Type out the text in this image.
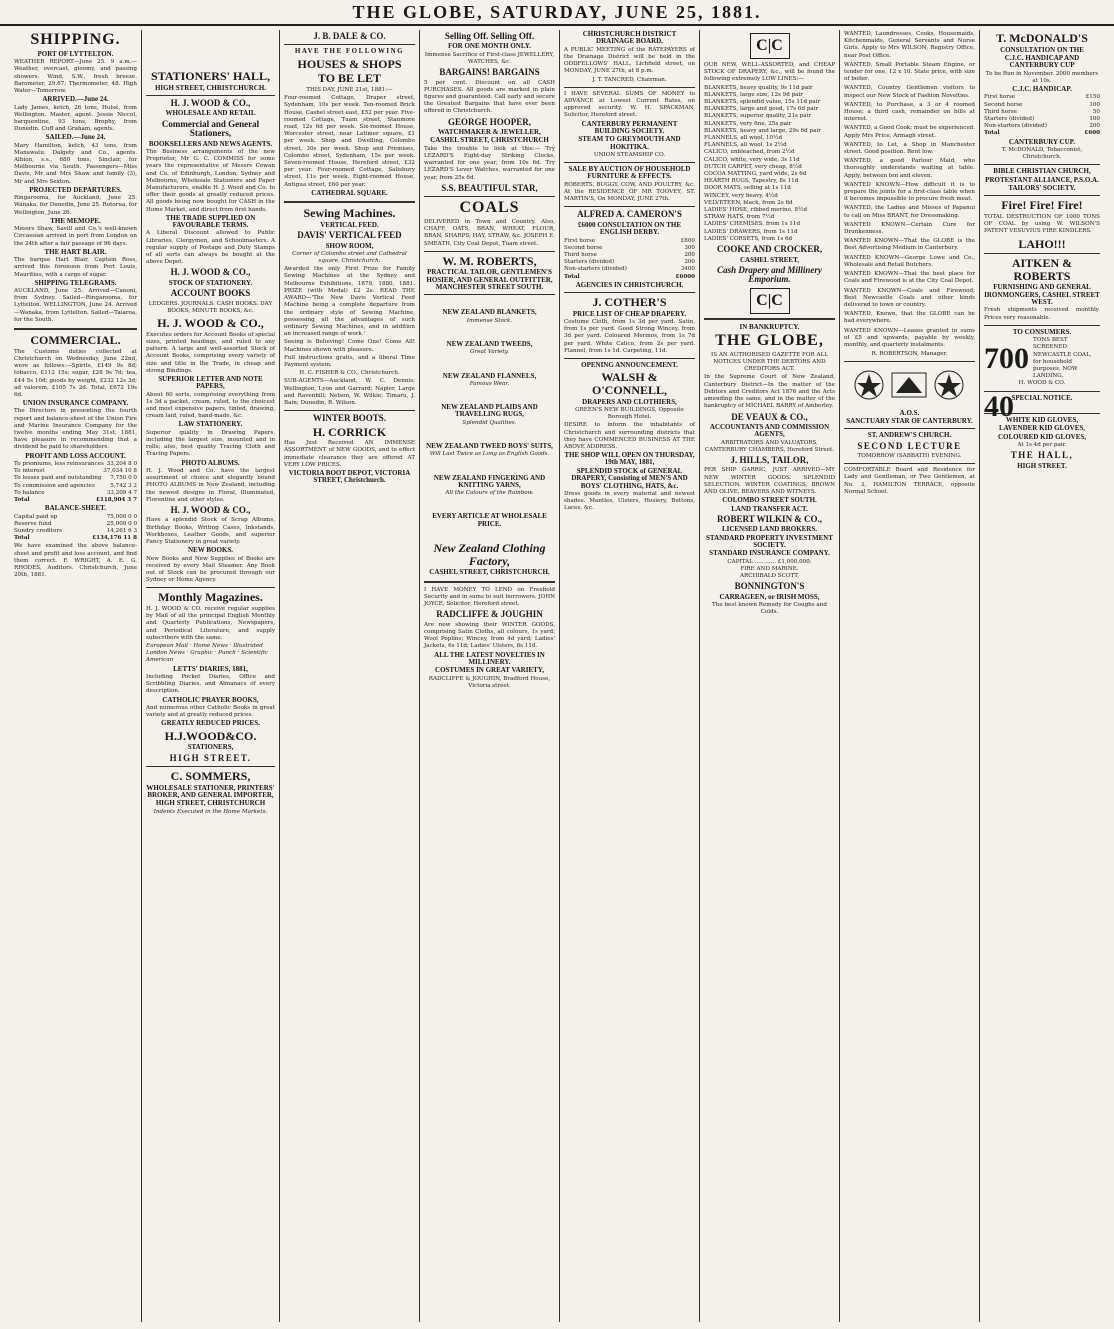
THE GLOBE, SATURDAY, JUNE 25, 1881.
SHIPPING.
PORT OF LYTTELTON.
WEATHER REPORT—June 25. 9 a.m.—Weather, overcast, gloomy, and passing showers. Wind, S.W., fresh breeze. Barometer, 29.67; Thermometer, 48. High Water—Tomorrow.
ARRIVED.—June 24.
Lady James, ketch, 26 tons, Hulsé, from Wellington. Master, agent. Jessie Niccol, barquentine, 93 tons, Brophy, from Dunedin. Cuff and Graham, agents.
SAILED.—June 24.
Mary Hamilton, ketch, 43 tons, from Manawatu. Dalgety and Co., agents. Albion, s.s., 680 tons, Sinclair, for Melbourne via South. Passengers—Miss Davis, Mr and Mrs Shaw and family (3), Mr and Mrs Sexton.
PROJECTED DEPARTURES.
Ringarooma, for Auckland, June 25. Wanaka, for Dunedin, June 25. Rotorua, for Wellington, June 26.
THE MEMOPE.
Messrs Shaw, Savill and Co.'s well-known Circassian arrived in port from London on the 24th after a fair passage of 96 days.
THE HART BLAIR.
The barque Hart Blair, Captain Ross, arrived this forenoon from Port Louis, Mauritius, with a cargo of sugar.
SHIPPING TELEGRAMS.
AUCKLAND, June 25. Arrived—Canoni, from Sydney. Sailed—Ringarooma, for Lyttelton. WELLINGTON, June 24. Arrived—Wanaka, from Lyttelton. Sailed—Taiaroa, for the South.
COMMERCIAL.
The Customs duties collected at Christchurch on Wednesday, June 22nd, were as follows:—Spirits, £149 9s 8d; tobacco, £112 15s; sugar, £28 9s 7d; tea, £44 5s 10d; goods by weight, £232 12s 3d; ad valorem, £105 7s 2d. Total, £672 19s 6d.
UNION INSURANCE COMPANY.
The Directors in presenting the fourth report and balance-sheet of the Union Fire and Marine Insurance Company for the twelve months ending May 31st, 1881, have pleasure in recommending that a dividend be paid to shareholders.
PROFIT AND LOSS ACCOUNT.
To premiums, less reinsurances 33,204 8 0
To interest	37,034 10 8
To losses paid and outstanding 7,750 0 0
To commission and agencies	5,742 3 2
To balance	33,209 4 7
Total	£118,904 3 7
BALANCE-SHEET.
Capital paid up	75,000 0 0
Reserve fund	25,000 0 0
Sundry creditors	14,261 6 3
Total	£134,176 11 8
We have examined the above balance-sheet and profit and loss account, and find them correct. F. WRIGHT, A. E. G. RHODES, Auditors. Christchurch, June 20th, 1881.
STATIONERS' HALL,
HIGH STREET, CHRISTCHURCH.
H. J. WOOD & CO.,
WHOLESALE AND RETAIL
Commercial and General Stationers,
BOOKSELLERS AND NEWS AGENTS.
The Business arrangements of the new Proprietor, Mr G. C. COMMISS for some years the representative of Messrs Cowan and Co. of Edinburgh, London, Sydney and Melbourne, Wholesale Stationers and Paper Manufacturers, enable H. J. Wood and Co. to offer their goods at greatly reduced prices. All goods being now bought for CASH in the Home Market, and direct from first hands.
THE TRADE SUPPLIED ON FAVOURABLE TERMS.
A Liberal Discount allowed to Public Libraries, Clergymen, and Schoolmasters. A regular supply of Postage and Duty Stamps of all sorts can always be bought at the above Depot.
H. J. WOOD & CO.,
STOCK OF STATIONERY.
ACCOUNT BOOKS
LEDGERS. JOURNALS. CASH BOOKS. DAY BOOKS, MINUTE BOOKS, &c.
H. J. WOOD & CO.,
Executes orders for Account Books of special sizes, printed headings, and ruled to any pattern. A large and well-assorted Stock of Account Books, comprising every variety of size and title in the Trade, in cheap and strong Bindings.
SUPERIOR LETTER AND NOTE PAPERS,
About 60 sorts, comprising everything from 1s 3d a packet, cream, ruled, to the choicest and most expensive papers, tinted, drawing, cream laid, ruled, hand-made, &c.
LAW STATIONERY.
Superior quality in Drawing Papers, including the largest size, mounted and in rolls; also, best quality Tracing Cloth and Tracing Papers.
PHOTO ALBUMS.
H. J. Wood and Co. have the largest assortment of choice and elegantly bound PHOTO ALBUMS in New Zealand, including the newest designs in Floral, Illuminated, Florentine and other styles.
H. J. WOOD & CO.,
Have a splendid Stock of Scrap Albums, Birthday Books, Writing Cases, Inkstands, Workboxes, Leather Goods, and superior Fancy Stationery in great variety.
NEW BOOKS.
New Books and New Supplies of Books are received by every Mail Steamer. Any Book out of Stock can be procured through our Sydney or Home Agency.
Monthly Magazines.
H. J. WOOD & CO. receive regular supplies by Mail of all the principal English Monthly and Quarterly Publications, Newspapers, and Periodical Literature, and supply subscribers with the same.
European Mail · Home News · Illustrated London News · Graphic · Punch · Scientific American
LETTS' DIARIES, 1881,
Including Pocket Diaries, Office and Scribbling Diaries, and Almanacs of every description.
CATHOLIC PRAYER BOOKS,
And numerous other Catholic Books in great variety and at greatly reduced prices.
GREATLY REDUCED PRICES.
H.J.WOOD&CO.
STATIONERS,
HIGH STREET.
C. SOMMERS,
WHOLESALE STATIONER, PRINTERS' BROKER, AND GENERAL IMPORTER,
HIGH STREET, CHRISTCHURCH
Indents Executed in the Home Markets.
J. B. DALE & CO.
HAVE THE FOLLOWING
HOUSES & SHOPS
TO BE LET
THIS DAY, JUNE 21st, 1881:—
Four-roomed Cottage, Draper street, Sydenham, 10s per week. Ten-roomed Brick House, Cashel street east, £52 per year. Five-roomed Cottage, Tuam street, Stanmore road, 12s 6d per week. Six-roomed House, Worcester street, near Latimer square, £1 per week. Shop and Dwelling, Colombo street, 30s per week. Shop and Premises, Colombo street, Sydenham, 15s per week. Seven-roomed House, Hereford street, £32 per year. Four-roomed Cottage, Salisbury street, 11s per week. Eight-roomed House, Antigua street, £60 per year.
CATHEDRAL SQUARE.
Sewing Machines.
VERTICAL FEED.
DAVIS' VERTICAL FEED
SHOW ROOM,
Corner of Colombo street and Cathedral square, Christchurch.
Awarded the only First Prize for Family Sewing Machines at the Sydney and Melbourne Exhibitions, 1879, 1880, 1881. PRIZE (with Medal) £2 2s. READ THE AWARD—'The New Davis Vertical Feed Machine being a complete departure from the ordinary style of Sewing Machine, possessing all the advantages of such ordinary Sewing Machines, and in addition an increased range of work.'
Seeing is Believing! Come One! Come All! Machines shown with pleasure.
Full instructions gratis, and a liberal Time Payment system.
H. C. FISHER & CO., Christchurch.
SUB-AGENTS—Auckland, W. C. Dennis; Wellington, Lyon and Garrard; Napier, Large and Ravenhill; Nelson, W. Wilkie; Timaru, J. Bain; Dunedin, R. Wilson.
WINTER BOOTS.
H. CORRICK
Has Just Received AN IMMENSE ASSORTMENT of NEW GOODS, and to effect immediate clearance they are offered AT VERY LOW PRICES.
VICTORIA BOOT DEPOT, VICTORIA STREET, Christchurch.
Selling Off. Selling Off.
FOR ONE MONTH ONLY.
Immense Sacrifice of First-class JEWELLERY, WATCHES, &c.
BARGAINS! BARGAINS
5 per cent. Discount on all CASH PURCHASES. All goods are marked in plain figures and guaranteed. Call early and secure the Greatest Bargains that have ever been offered in Christchurch.
GEORGE HOOPER,
WATCHMAKER & JEWELLER,
CASHEL STREET, CHRISTCHURCH
Take the trouble to look at this:— Try LEZARD'S Eight-day Striking Clocks, warranted for one year, from 10s 6d. Try LEZARD'S Lever Watches, warranted for one year, from 25s 6d.
S.S. BEAUTIFUL STAR,
COALS
DELIVERED in Town and Country. Also, CHAFF, OATS, BRAN, WHEAT, FLOUR, BRAN, SHARPS, HAY, STRAW, &c. JOSEPH E. SMEATH, City Coal Depot, Tuam street.
W. M. ROBERTS,
PRACTICAL TAILOR, GENTLEMEN'S HOSIER, AND GENERAL OUTFITTER, MANCHESTER STREET SOUTH.
NEW ZEALAND BLANKETS,
Immense Stock.
NEW ZEALAND TWEEDS,
Great Variety.
NEW ZEALAND FLANNELS,
Famous Wear.
NEW ZEALAND PLAIDS AND TRAVELLING RUGS,
Splendid Qualities.
NEW ZEALAND TWEED BOYS' SUITS,
Will Last Twice as Long as English Goods.
NEW ZEALAND FINGERING AND KNITTING YARNS,
All the Colours of the Rainbow.
EVERY ARTICLE AT WHOLESALE PRICE.
New Zealand Clothing Factory,
CASHEL STREET, CHRISTCHURCH.
I HAVE MONEY TO LEND on Freehold Security and in sums to suit borrowers. JOHN JOYCE, Solicitor, Hereford street.
RADCLIFFE & JOUGHIN
Are now showing their WINTER GOODS, comprising Satin Cloths, all colours, 1s yard; Wool Poplins; Wincey, from 4d yard; Ladies' Jackets, 6s 11d; Ladies' Ulsters, 8s 11d.
ALL THE LATEST NOVELTIES IN MILLINERY.
COSTUMES IN GREAT VARIETY,
RADCLIFFE & JOUGHIN, Bradford House, Victoria street.
CHRISTCHURCH DISTRICT DRAINAGE BOARD.
A PUBLIC MEETING of the RATEPAYERS of the Drainage District will be held in the ODDFELLOWS' HALL, Lichfield street, on MONDAY, JUNE 27th, at 8 p.m.
J. T. TANCRED, Chairman.
I HAVE SEVERAL SUMS OF MONEY to ADVANCE at Lowest Current Rates, on approved security. W. H. SPACKMAN, Solicitor, Hereford street.
CANTERBURY PERMANENT BUILDING SOCIETY.
STEAM TO GREYMOUTH AND HOKITIKA.
UNION STEAMSHIP CO.
SALE BY AUCTION OF HOUSEHOLD FURNITURE & EFFECTS.
ROBERTS, BUGGY, COW, AND POULTRY, &c. At the RESIDENCE OF MR TOOVEY, ST. MARTIN'S, On MONDAY, JUNE 27th.
ALFRED A. CAMERON'S
£6000 CONSULTATION ON THE ENGLISH DERBY.
First horse	£800
Second horse	300
Third horse	200
Starters (divided)	200
Non-starters (divided)	3400
Total	£6000
AGENCIES IN CHRISTCHURCH.
J. COTHER'S
PRICE LIST OF CHEAP DRAPERY.
Costume Cloth, from 1s 3d per yard. Satin, from 1s per yard. Good Strong Wincey, from 3d per yard. Coloured Merinos, from 1s 7d per yard. White Calico, from 2s per yard. Flannel, from 1s 1d. Carpeting, 11d.
OPENING ANNOUNCEMENT.
WALSH & O'CONNELL,
DRAPERS AND CLOTHIERS,
GREEN'S NEW BUILDINGS, Opposite Borough Hotel.
DESIRE to inform the inhabitants of Christchurch and surrounding districts that they have COMMENCED BUSINESS AT THE ABOVE ADDRESS.
THE SHOP WILL OPEN ON THURSDAY, 19th MAY, 1881,
SPLENDID STOCK of GENERAL DRAPERY, Consisting of MEN'S AND BOYS' CLOTHING, HATS, &c.
Dress goods in every material and newest shades. Mantles, Ulsters, Hosiery, Buttons, Laces, &c.
C|C
OUR NEW, WELL-ASSORTED, and CHEAP STOCK OF DRAPERY, &c., will be found the following extremely LOW LINES:—
BLANKETS, heavy quality, 9s 11d pair
BLANKETS, large size, 12s 9d pair
BLANKETS, splendid value, 15s 11d pair
BLANKETS, large and good, 17s 6d pair
BLANKETS, superior quality, 21s pair
BLANKETS, very fine, 25s pair
BLANKETS, heavy and large, 29s 6d pair
FLANNELS, all wool, 10½d
FLANNELS, all wool, 1s 2½d
CALICO, unbleached, from 2½d
CALICO, white, very wide, 3s 11d
DUTCH CARPET, very cheap, 8½d
COCOA MATTING, yard wide, 2s 6d
HEARTH RUGS, Tapestry, 8s 11d
DOOR MATS, selling at 1s 11d
WINCEY, very heavy, 4½d
VELVETEEN, black, from 2s 6d
LADIES' HOSE, ribbed merino, 8½d
STRAW HATS, from 7½d
LADIES' CHEMISES, from 1s 11d
LADIES' DRAWERS, from 1s 11d
LADIES' CORSETS, from 1s 6d
COOKE AND CROCKER,
CASHEL STREET,
Cash Drapery and Millinery Emporium.
C|C
IN BANKRUPTCY.
THE GLOBE,
IS AN AUTHORISED GAZETTE FOR ALL NOTICES UNDER THE DEBTORS AND CREDITORS ACT.
In the Supreme Court of New Zealand, Canterbury District—In the matter of the Debtors and Creditors Act 1876 and the Acts amending the same, and in the matter of the bankruptcy of MICHAEL BARRY of Amberley.
DE VEAUX & CO.,
ACCOUNTANTS AND COMMISSION AGENTS,
ARBITRATORS AND VALUATORS, CANTERBURY CHAMBERS, Hereford Street.
J. HILLS, TAILOR,
PER SHIP GARRIC, JUST ARRIVED—MY NEW WINTER GOODS. SPLENDID SELECTION. WINTER COATINGS, BROWN AND OLIVE, BEAVERS AND WITNEYS.
COLOMBO STREET SOUTH.
LAND TRANSFER ACT.
ROBERT WILKIN & CO.,
LICENSED LAND BROKERS.
STANDARD PROPERTY INVESTMENT SOCIETY.
STANDARD INSURANCE COMPANY.
CAPITAL ............ £1,000,000.
FIRE AND MARINE.
ARCHIBALD SCOTT,
BONNINGTON'S
CARRAGEEN, or IRISH MOSS,
The best known Remedy for Coughs and Colds.
WANTED, Laundresses, Cooks, Housemaids, Kitchenmaids, General Servants and Nurse Girls. Apply to Mrs WILSON, Registry Office, near Post Office.
WANTED, Small Portable Steam Engine, or tender for one, 12 x 10. State price, with size of boiler.
WANTED, Country Gentlemen visitors to inspect our New Stock of Fashion Novelties.
WANTED, to Purchase, a 3 or 4 roomed House; a third cash, remainder on bills at interest.
WANTED, a Good Cook; must be experienced. Apply Mrs Price, Armagh street.
WANTED, to Let, a Shop in Manchester street. Good position. Rent low.
WANTED, a good Parlour Maid, who thoroughly understands waiting at table. Apply, between ten and eleven.
WANTED KNOWN—How difficult it is to prepare the joints for a first-class table when it becomes impossible to procure fresh meat.
WANTED, the Ladies and Misses of Papanui to call on Miss BRANT, for Dressmaking.
WANTED KNOWN—Certain Cure for Drunkenness.
WANTED KNOWN—That the GLOBE is the Best Advertising Medium in Canterbury.
WANTED KNOWN—George Lowe and Co., Wholesale and Retail Butchers.
WANTED KNOWN—That the best place for Coals and Firewood is at the City Coal Depot.
WANTED KNOWN—Coals and Firewood; Best Newcastle Coals and other kinds delivered to town or country.
WANTED, Known, that the GLOBE can be had everywhere.
WANTED KNOWN—Leases granted in sums of £5 and upwards, payable by weekly, monthly, and quarterly instalments.
R. ROBERTSON, Manager.
A.O.S.
SANCTUARY STAR OF CANTERBURY.
ST. ANDREW'S CHURCH.
SECOND LECTURE
TOMORROW (SABBATH) EVENING.
COMFORTABLE Board and Residence for Lady and Gentleman, or Two Gentlemen, at No. 3, HAMILTON TERRACE, opposite Normal School.
T. McDONALD'S
CONSULTATION ON THE
C.J.C. HANDICAP AND CANTERBURY CUP
To be Run in November. 2000 members at 10s.
C.J.C. HANDICAP.
First horse	£150
Second horse	100
Third horse	50
Starters (divided)	100
Non-starters (divided)	200
Total	£600
CANTERBURY CUP.
T. McDONALD, Tobacconist, Christchurch.
BIBLE CHRISTIAN CHURCH,
PROTESTANT ALLIANCE, P.S.O.A.
TAILORS' SOCIETY.
Fire! Fire! Fire!
TOTAL DESTRUCTION OF 1000 TONS OF COAL by using W. WILSON'S PATENT VESUVIUS FIRE KINDLERS.
LAHO!!!
AITKEN & ROBERTS
FURNISHING AND GENERAL IRONMONGERS, CASHEL STREET WEST.
Fresh shipments received monthly. Prices very reasonable.
TO CONSUMERS.
700
TONS BEST SCREENED NEWCASTLE COAL, for household purposes, NOW LANDING.
H. WOOD & CO.
SPECIAL NOTICE.
40
WHITE KID GLOVES,
LAVENDER KID GLOVES,
COLOURED KID GLOVES,
At 1s 4d per pair.
THE HALL,
HIGH STREET.
